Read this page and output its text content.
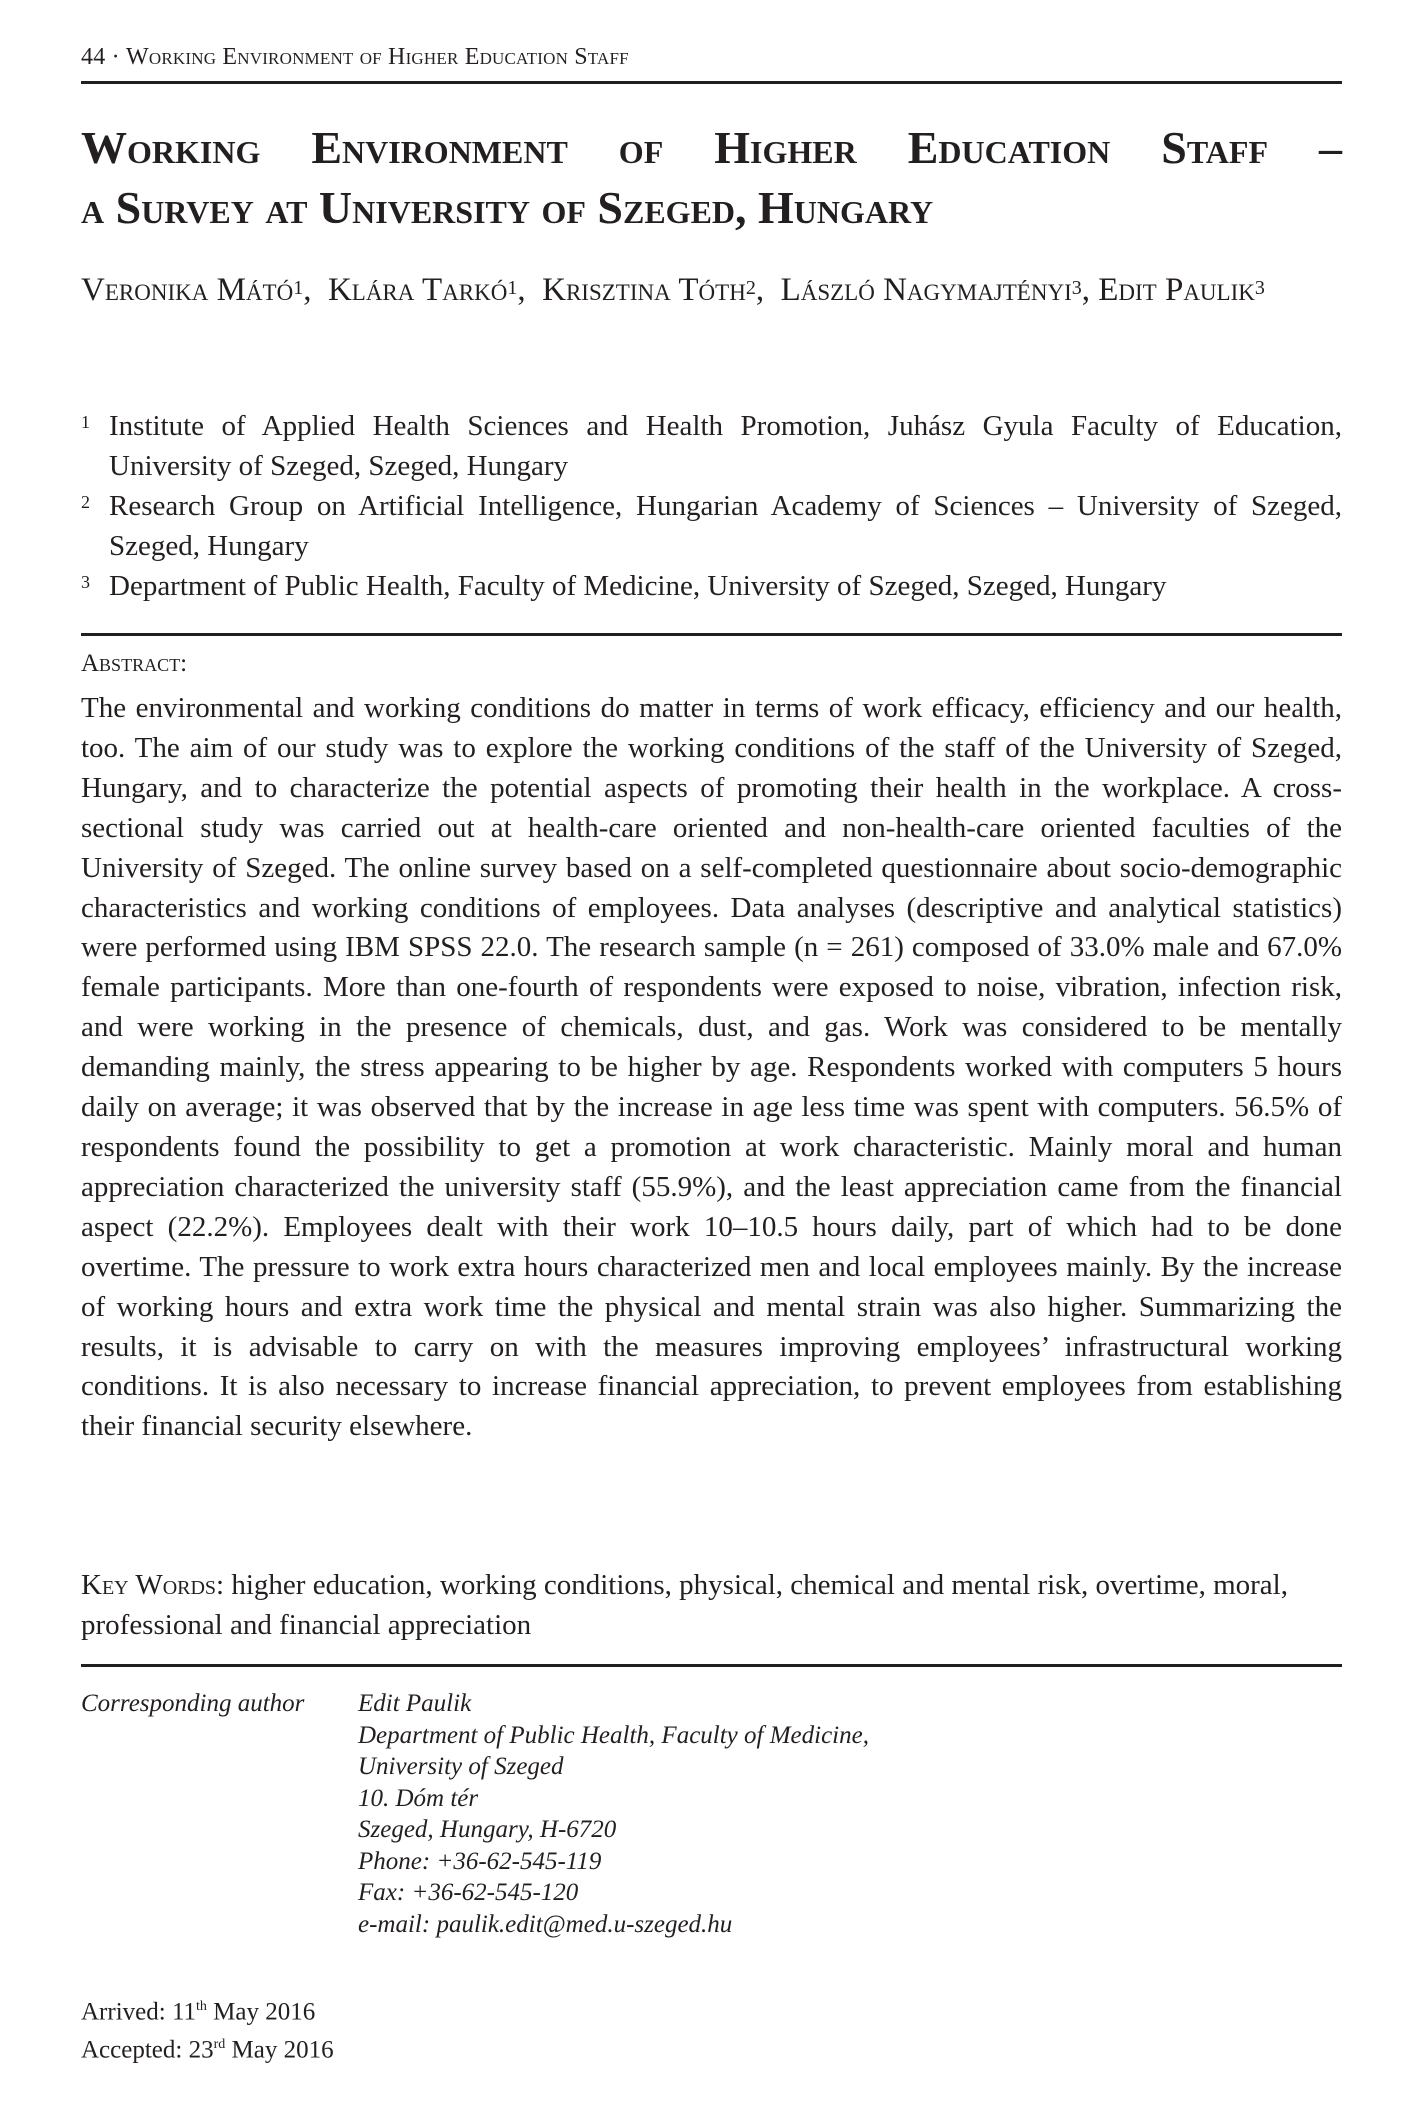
44 · Working Environment of Higher Education Staff
Working Environment of Higher Education Staff –
a Survey at University of Szeged, Hungary
Veronika Mátó$^1$,  Klára Tarkó$^1$,  Krisztina Tóth$^2$,  László Nagymajtényi$^3$, Edit Paulik$^3$
1 Institute of Applied Health Sciences and Health Promotion, Juhász Gyula Faculty of Education, University of Szeged, Szeged, Hungary
2 Research Group on Artificial Intelligence, Hungarian Academy of Sciences – University of Szeged, Szeged, Hungary
3 Department of Public Health, Faculty of Medicine, University of Szeged, Szeged, Hungary
Abstract:
The environmental and working conditions do matter in terms of work efficacy, efficiency and our health, too. The aim of our study was to explore the working conditions of the staff of the University of Szeged, Hungary, and to characterize the potential aspects of promoting their health in the workplace. A cross-sectional study was carried out at health-care oriented and non-health-care oriented faculties of the University of Szeged. The online survey based on a self-completed questionnaire about socio-demographic characteristics and working conditions of employees. Data analyses (descriptive and analytical statistics) were performed using IBM SPSS 22.0. The research sample (n = 261) composed of 33.0% male and 67.0% female participants. More than one-fourth of respondents were exposed to noise, vibration, infection risk, and were working in the presence of chemicals, dust, and gas. Work was considered to be mentally demanding mainly, the stress appearing to be higher by age. Respondents worked with computers 5 hours daily on average; it was observed that by the increase in age less time was spent with computers. 56.5% of respondents found the possibility to get a promotion at work characteristic. Mainly moral and human appreciation characterized the university staff (55.9%), and the least appreciation came from the financial aspect (22.2%). Employees dealt with their work 10–10.5 hours daily, part of which had to be done overtime. The pressure to work extra hours characterized men and local employees mainly. By the increase of working hours and extra work time the physical and mental strain was also higher. Summarizing the results, it is advisable to carry on with the measures improving employees’ infrastructural working conditions. It is also necessary to increase financial appreciation, to prevent employees from establishing their financial security elsewhere.
Key Words: higher education, working conditions, physical, chemical and mental risk, overtime, moral, professional and financial appreciation
Corresponding author Edit Paulik
Department of Public Health, Faculty of Medicine,
University of Szeged
10. Dóm tér
Szeged, Hungary, H-6720
Phone: +36-62-545-119
Fax: +36-62-545-120
e-mail: paulik.edit@med.u-szeged.hu
Arrived: 11th May 2016
Accepted: 23rd May 2016
